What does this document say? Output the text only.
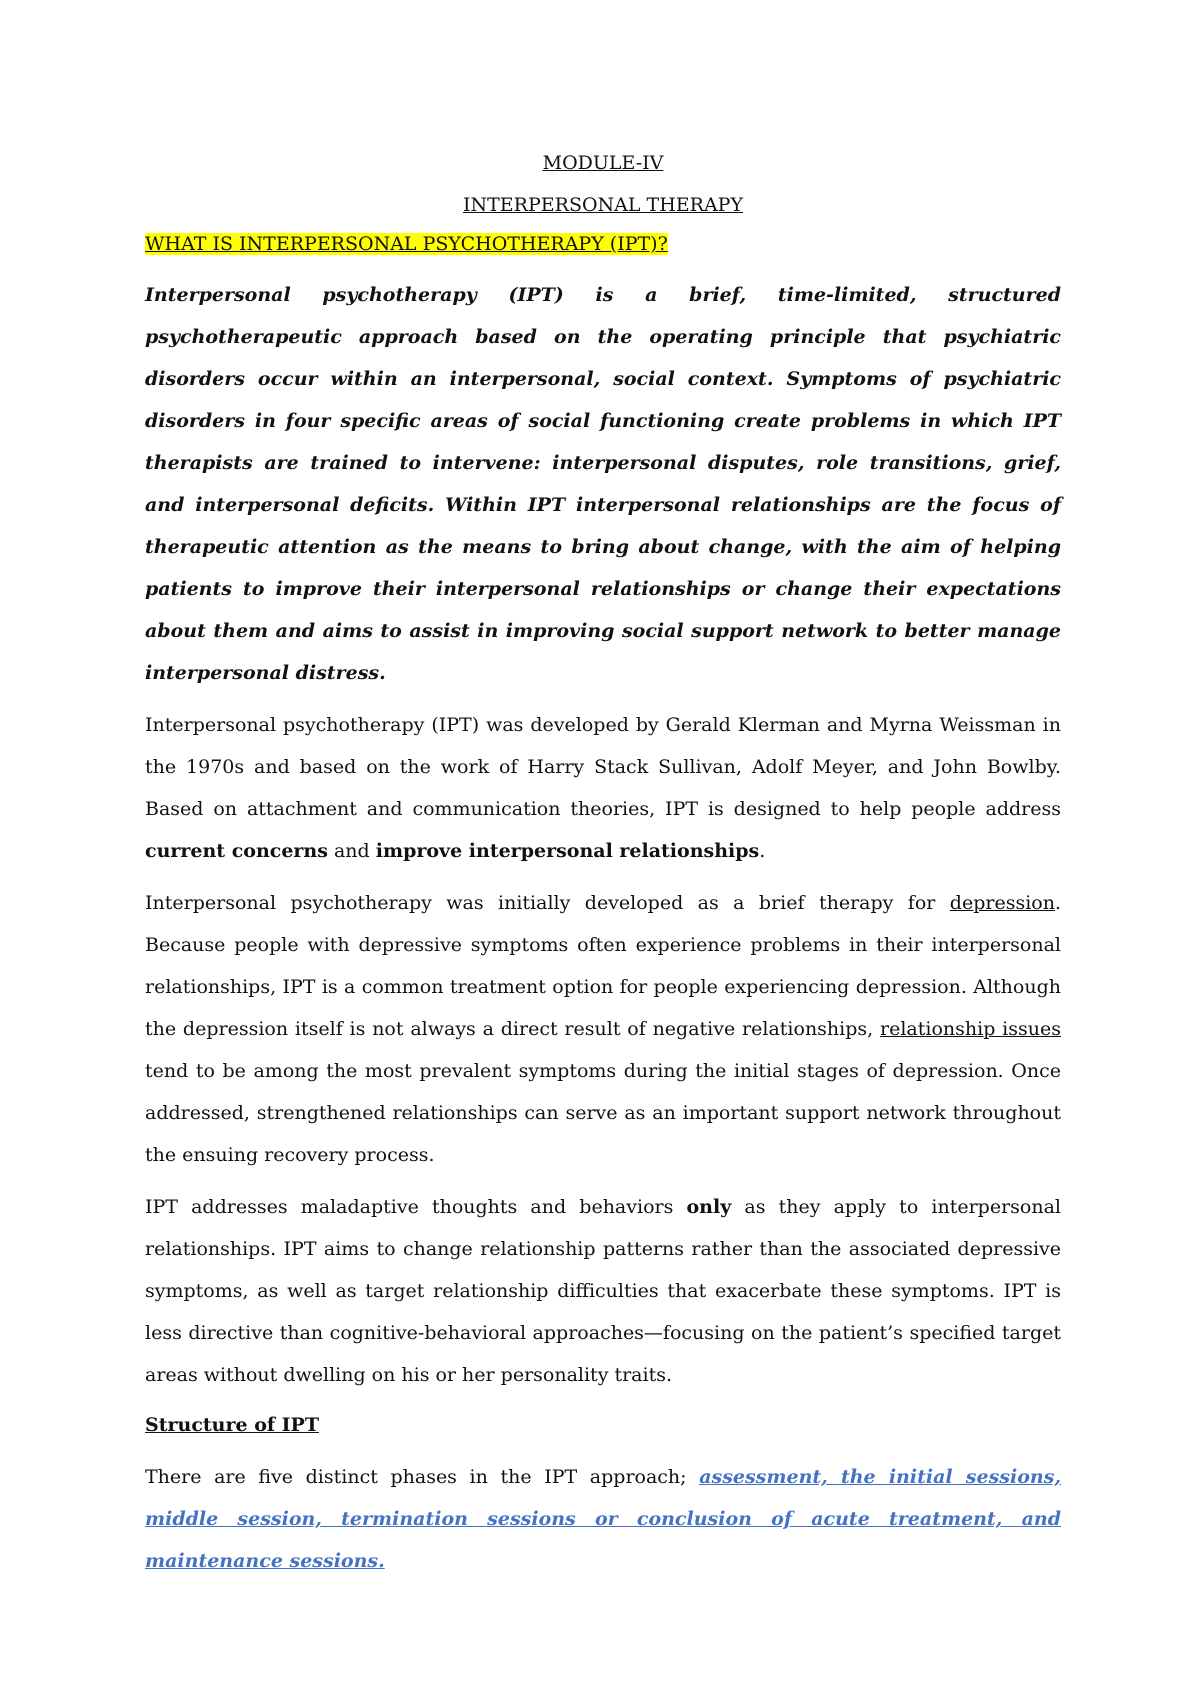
MODULE-IV
INTERPERSONAL THERAPY
WHAT IS INTERPERSONAL PSYCHOTHERAPY (IPT)?

Interpersonal psychotherapy (IPT) is a brief, time-limited, structured psychotherapeutic approach based on the operating principle that psychiatric disorders occur within an interpersonal, social context. Symptoms of psychiatric disorders in four specific areas of social functioning create problems in which IPT therapists are trained to intervene: interpersonal disputes, role transitions, grief, and interpersonal deficits. Within IPT interpersonal relationships are the focus of therapeutic attention as the means to bring about change, with the aim of helping patients to improve their interpersonal relationships or change their expectations about them and aims to assist in improving social support network to better manage interpersonal distress.

Interpersonal psychotherapy (IPT) was developed by Gerald Klerman and Myrna Weissman in the 1970s and based on the work of Harry Stack Sullivan, Adolf Meyer, and John Bowlby. Based on attachment and communication theories, IPT is designed to help people address current concerns and improve interpersonal relationships.

Interpersonal psychotherapy was initially developed as a brief therapy for depression. Because people with depressive symptoms often experience problems in their interpersonal relationships, IPT is a common treatment option for people experiencing depression. Although the depression itself is not always a direct result of negative relationships, relationship issues tend to be among the most prevalent symptoms during the initial stages of depression. Once addressed, strengthened relationships can serve as an important support network throughout the ensuing recovery process.

IPT addresses maladaptive thoughts and behaviors only as they apply to interpersonal relationships. IPT aims to change relationship patterns rather than the associated depressive symptoms, as well as target relationship difficulties that exacerbate these symptoms. IPT is less directive than cognitive-behavioral approaches—focusing on the patient’s specified target areas without dwelling on his or her personality traits.

Structure of IPT

There are five distinct phases in the IPT approach; assessment, the initial sessions, middle session, termination sessions or conclusion of acute treatment, and maintenance sessions.
